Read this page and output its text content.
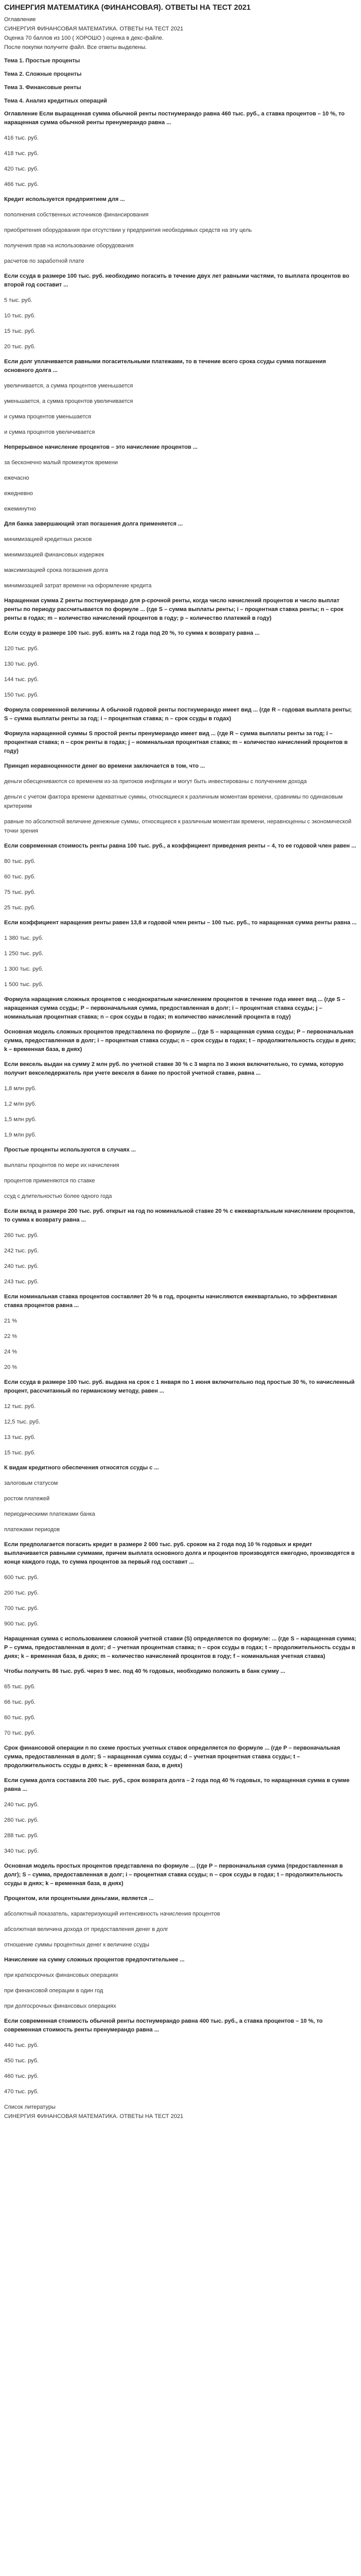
СИНЕРГИЯ МАТЕМАТИКА (ФИНАНСОВАЯ). ОТВЕТЫ НА ТЕСТ 2021
Оглавление
СИНЕРГИЯ ФИНАНСОВАЯ МАТЕМАТИКА. ОТВЕТЫ НА ТЕСТ 2021
Оценка 70 баллов из 100 ( ХОРОШО ) оценка в декс-файле.
После покупки получите файл. Все ответы выделены.
Тема 1. Простые проценты
Тема 2. Сложные проценты
Тема 3. Финансовые ренты
Тема 4. Анализ кредитных операций
Оглавление Если выращенная сумма обычной ренты постнумерандо равна 460 тыс. руб., а ставка процентов – 10 %, то наращенная сумма обычной ренты пренумерандо равна ...
416 тыс. руб.
418 тыс. руб.
420 тыс. руб.
466 тыс. руб.
Кредит используется предприятием для ...
пополнения собственных источников финансирования
приобретения оборудования при отсутствии у предприятия необходимых средств на эту цель
получения прав на использование оборудования
расчетов по заработной плате
Если ссуда в размере 100 тыс. руб. необходимо погасить в течение двух лет равными частями, то выплата процентов во второй год составит ...
5 тыс. руб.
10 тыс. руб.
15 тыс. руб.
20 тыс. руб.
Если долг уплачивается равными погасительными платежами, то в течение всего срока ссуды сумма погашения основного долга ...
увеличивается, а сумма процентов уменьшается
уменьшается, а сумма процентов увеличивается
и сумма процентов уменьшается
и сумма процентов увеличивается
Непрерывное начисление процентов – это начисление процентов ...
за бесконечно малый промежуток времени
ежечасно
ежедневно
ежеминутно
Для банка завершающий этап погашения долга применяется ...
минимизацией кредитных рисков
минимизацией финансовых издержек
максимизацией срока погашения долга
минимизацией затрат времени на оформление кредита
Наращенная сумма Z ренты постнумерандо для р-срочной ренты, когда число начислений процентов и число выплат ренты по периоду рассчитывается по формуле ... (где S – сумма выплаты ренты; i – процентная ставка ренты; n – срок ренты в годах; m – количество начислений процентов в году; p – количество платежей в году)
Если ссуду в размере 100 тыс. руб. взять на 2 года под 20 %, то сумма к возврату равна ...
120 тыс. руб.
130 тыс. руб.
144 тыс. руб.
150 тыс. руб.
Формула современной величины А обычной годовой ренты постнумерандо имеет вид ... (где R – годовая выплата ренты; S – сумма выплаты ренты за год; i – процентная ставка; n – срок ссуды в годах)
Формула наращенной суммы S простой ренты пренумерандо имеет вид ... (где R – сумма выплаты ренты за год; i – процентная ставка; n – срок ренты в годах; j – номинальная процентная ставка; m – количество начислений процентов в году)
Принцип неравноценности денег во времени заключается в том, что ...
деньги обесцениваются со временем из-за притоков инфляции и могут быть инвестированы с получением дохода
деньги с учетом фактора времени адекватные суммы, относящиеся к различным моментам времени, сравнимы по одинаковым критериям
равные по абсолютной величине денежные суммы, относящиеся к различным моментам времени, неравноценны с экономической точки зрения
Если современная стоимость ренты равна 100 тыс. руб., а коэффициент приведения ренты – 4, то ее годовой член равен ...
80 тыс. руб.
60 тыс. руб.
75 тыс. руб.
25 тыс. руб.
Если коэффициент наращения ренты равен 13,8 и годовой член ренты – 100 тыс. руб., то наращенная сумма ренты равна ...
1 380 тыс. руб.
1 250 тыс. руб.
1 300 тыс. руб.
1 500 тыс. руб.
Формула наращения сложных процентов с неоднократным начислением процентов в течение года имеет вид ... (где S –наращенная сумма ссуды; P – первоначальная сумма, предоставленная в долг; i – процентная ставка ссуды; j – номинальная процентная ставка; n – срок ссуды в годах; m количество начислений процента в году)
Основная модель сложных процентов представлена по формуле ... (где S – наращенная сумма ссуды; P – первоначальная сумма, предоставленная в долг; i – процентная ставка ссуды; n – срок ссуды в годах; t – продолжительность ссуды в днях; k – временная база, в днях)
Если вексель выдан на сумму 2 млн руб. по учетной ставке 30 % с 3 марта по 3 июня включительно, то сумма, которую получит векселедержатель при учете векселя в банке по простой учетной ставке, равна ...
1,8 млн руб.
1,2 млн руб.
1,5 млн руб.
1,9 млн руб.
Простые проценты используются в случаях ...
выплаты процентов по мере их начисления
процентов применяются по ставке
ссуд с длительностью более одного года
Если вклад в размере 200 тыс. руб. открыт на год по номинальной ставке 20 % с ежеквартальным начислением процентов, то сумма к возврату равна ...
260 тыс. руб.
242 тыс. руб.
240 тыс. руб.
243 тыс. руб.
Если номинальная ставка процентов составляет 20 % в год, проценты начисляются ежеквартально, то эффективная ставка процентов равна ...
21 %
22 %
24 %
20 %
Если ссуда в размере 100 тыс. руб. выдана на срок с 1 января по 1 июня включительно под простые 30 %, то начисленный процент, рассчитанный по германскому методу, равен ...
12 тыс. руб.
12,5 тыс. руб.
13 тыс. руб.
15 тыс. руб.
К видам кредитного обеспечения относятся ссуды с ...
залоговым статусом
ростом платежей
периодическими платежами банка
платежами периодов
Если предполагается погасить кредит в размере 2 000 тыс. руб. сроком на 2 года под 10 % годовых и кредит выплачивается равными суммами, причем выплата основного долга и процентов производятся ежегодно, производятся в конце каждого года, то сумма процентов за первый год составит ...
600 тыс. руб.
200 тыс. руб.
700 тыс. руб.
900 тыс. руб.
Наращенная сумма с использованием сложной учетной ставки (S) определяется по формуле: ... (где S – наращенная сумма; P – сумма, предоставленная в долг; d – учетная процентная ставка; n – срок ссуды в годах; t – продолжительность ссуды в днях; k – временная база, в днях; m – количество начислений процентов в году; f – номинальная учетная ставка)
Чтобы получить 86 тыс. руб. через 9 мес. под 40 % годовых, необходимо положить в банк сумму ...
65 тыс. руб.
66 тыс. руб.
60 тыс. руб.
70 тыс. руб.
Срок финансовой операции n по схеме простых учетных ставок определяется по формуле ... (где P – первоначальная сумма, предоставленная в долг; S – наращенная сумма ссуды; d – учетная процентная ставка ссуды; t – продолжительность ссуды в днях; k – временная база, в днях)
Если сумма долга составила 200 тыс. руб., срок возврата долга – 2 года под 40 % годовых, то наращенная сумма в сумме равна ...
240 тыс. руб.
260 тыс. руб.
288 тыс. руб.
340 тыс. руб.
Основная модель простых процентов представлена по формуле ... (где P – первоначальная сумма (предоставленная в долг); S – сумма, предоставленная в долг; i – процентная ставка ссуды; n – срок ссуды в годах; t – продолжительность ссуды в днях; k – временная база, в днях)
Процентом, или процентными деньгами, является ...
абсолютный показатель, характеризующий интенсивность начисления процентов
абсолютная величина дохода от предоставления денег в долг
отношение суммы процентных денег к величине ссуды
Начисление на сумму сложных процентов предпочтительнее ...
при краткосрочных финансовых операциях
при финансовой операции в один год
при долгосрочных финансовых операциях
Если современная стоимость обычной ренты постнумерандо равна 400 тыс. руб., а ставка процентов – 10 %, то современная стоимость ренты пренумерандо равна ...
440 тыс. руб.
450 тыс. руб.
460 тыс. руб.
470 тыс. руб.
Список литературы
СИНЕРГИЯ ФИНАНСОВАЯ МАТЕМАТИКА. ОТВЕТЫ НА ТЕСТ 2021
